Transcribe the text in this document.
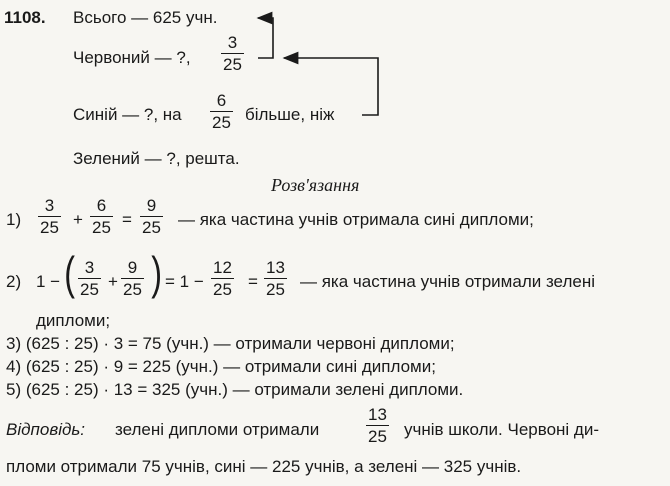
1108. Всього — 625 учн.
Червоний — ?, $\frac{3}{25}$
Синій — ?, на $\frac{6}{25}$ більше, ніж
Зелений — ?, решта.
Розв'язання
$1) \frac{3}{25} + \frac{6}{25} = \frac{9}{25}$ — яка частина учнів отримала сині дипломи;
2) 1 − ( $\frac{3}{25} + \frac{9}{25}$ ) = $1 - \frac{12}{25} = \frac{13}{25}$ — яка частина учнів отримали зелені
дипломи;
3) (625 : 25) · 3 = 75 (учн.) — отримали червоні дипломи;
4) (625 : 25) · 9 = 225 (учн.) — отримали сині дипломи;
5) (625 : 25) · 13 = 325 (учн.) — отримали зелені дипломи.
Відповідь: зелені дипломи отримали	$\frac{13}{25}$ учнів школи. Червоні ди-
пломи отримали 75 учнів, сині — 225 учнів, а зелені — 325 учнів.
